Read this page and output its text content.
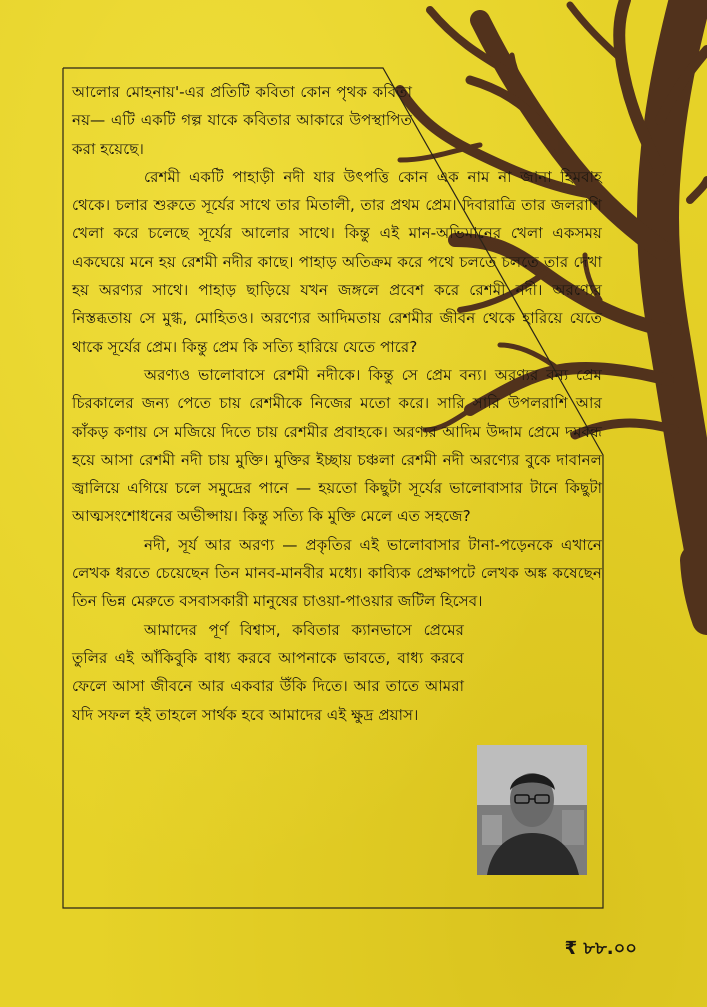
আলোর মোহনায়'-এর প্রতিটি কবিতা কোন পৃথক কবিতা নয়— এটি একটি গল্প যাকে কবিতার আকারে উপস্থাপিত করা হয়েছে।

রেশমী একটি পাহাড়ী নদী যার উৎপত্তি কোন এক নাম না জানা হিমবাহ থেকে। চলার শুরুতে সূর্যের সাথে তার মিতালী, তার প্রথম প্রেম। দিবারাত্রি তার জলরাশি খেলা করে চলেছে সূর্যের আলোর সাথে। কিন্তু এই মান-অভিমানের খেলা একসময় একঘেয়ে মনে হয় রেশমী নদীর কাছে। পাহাড় অতিক্রম করে পথে চলতে চলতে তার দেখা হয় অরণ্যর সাথে। পাহাড় ছাড়িয়ে যখন জঙ্গলে প্রবেশ করে রেশমী নদী। অরণ্যের নিস্তব্ধতায় সে মুগ্ধ, মোহিতও। অরণ্যের আদিমতায় রেশমীর জীবন থেকে হারিয়ে যেতে থাকে সূর্যের প্রেম। কিন্তু প্রেম কি সত্যি হারিয়ে যেতে পারে?

অরণ্যও ভালোবাসে রেশমী নদীকে। কিন্তু সে প্রেম বন্য। অরণ্যর বন্য প্রেম চিরকালের জন্য পেতে চায় রেশমীকে নিজের মতো করে। সারি সারি উপলরাশি আর কাঁকড় কণায় সে মজিয়ে দিতে চায় রেশমীর প্রবাহকে। অরণ্যর আদিম উদ্দাম প্রেমে দমবন্ধ হয়ে আসা রেশমী নদী চায় মুক্তি। মুক্তির ইচ্ছায় চঞ্চলা রেশমী নদী অরণ্যের বুকে দাবানল জ্বালিয়ে এগিয়ে চলে সমুদ্রের পানে — হয়তো কিছুটা সূর্যের ভালোবাসার টানে কিছুটা আত্মসংশোধনের অভীপ্সায়। কিন্তু সত্যি কি মুক্তি মেলে এত সহজে?

নদী, সূর্য আর অরণ্য — প্রকৃতির এই ভালোবাসার টানা-পড়েনকে এখানে লেখক ধরতে চেয়েছেন তিন মানব-মানবীর মধ্যে। কাব্যিক প্রেক্ষাপটে লেখক অঙ্ক কষেছেন তিন ভিন্ন মেরুতে বসবাসকারী মানুষের চাওয়া-পাওয়ার জটিল হিসেব।

আমাদের পূর্ণ বিশ্বাস, কবিতার ক্যানভাসে প্রেমের তুলির এই আঁকিবুকি বাধ্য করবে আপনাকে ভাবতে, বাধ্য করবে ফেলে আসা জীবনে আর একবার উঁকি দিতে। আর তাতে আমরা যদি সফল হই তাহলে সার্থক হবে আমাদের এই ক্ষুদ্র প্রয়াস।

₹ ৮৮.০০
